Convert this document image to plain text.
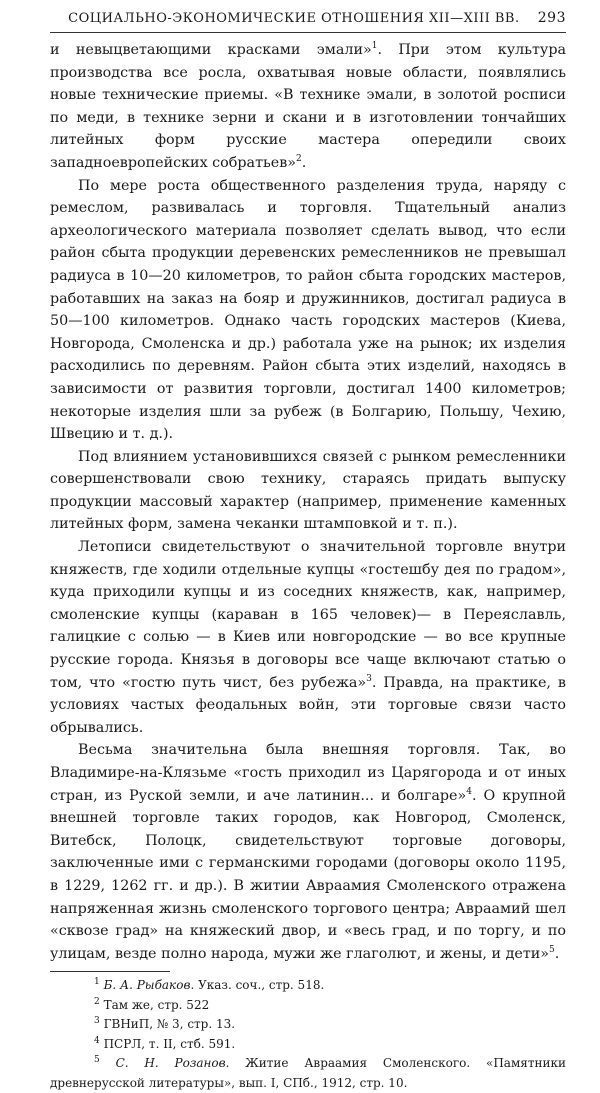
СОЦИАЛЬНО-ЭКОНОМИЧЕСКИЕ ОТНОШЕНИЯ XII—XIII ВВ.	293

и невыцветающими красками эмали»$^1$. При этом культура производства все росла, охватывая новые области, появлялись новые технические приемы. «В технике эмали, в золотой росписи по меди, в технике зерни и скани и в изготовлении тончайших литейных форм русские мастера опередили своих западноевропейских собратьев»$^2$.

По мере роста общественного разделения труда, наряду с ремеслом, развивалась и торговля. Тщательный анализ археологического материала позволяет сделать вывод, что если район сбыта продукции деревенских ремесленников не превышал радиуса в 10—20 километров, то район сбыта городских мастеров, работавших на заказ на бояр и дружинников, достигал радиуса в 50—100 километров. Однако часть городских мастеров (Киева, Новгорода, Смоленска и др.) работала уже на рынок; их изделия расходились по деревням. Район сбыта этих изделий, находясь в зависимости от развития торговли, достигал 1400 километров; некоторые изделия шли за рубеж (в Болгарию, Польшу, Чехию, Швецию и т. д.).

Под влиянием установившихся связей с рынком ремесленники совершенствовали свою технику, стараясь придать выпуску продукции массовый характер (например, применение каменных литейных форм, замена чеканки штамповкой и т. п.).

Летописи свидетельствуют о значительной торговле внутри княжеств, где ходили отдельные купцы «гостешбу дея по градом», куда приходили купцы и из соседних княжеств, как, например, смоленские купцы (караван в 165 человек)— в Переяславль, галицкие с солью — в Киев или новгородские — во все крупные русские города. Князья в договоры все чаще включают статью о том, что «гостю путь чист, без рубежа»$^3$. Правда, на практике, в условиях частых феодальных войн, эти торговые связи часто обрывались.

Весьма значительна была внешняя торговля. Так, во Владимире-на-Клязьме «гость приходил из Царягорода и от иных стран, из Руской земли, и аче латинин... и болгаре»$^4$. О крупной внешней торговле таких городов, как Новгород, Смоленск, Витебск, Полоцк, свидетельствуют торговые договоры, заключенные ими с германскими городами (договоры около 1195, в 1229, 1262 гг. и др.). В житии Авраамия Смоленского отражена напряженная жизнь смоленского торгового центра; Авраамий шел «сквозе град» на княжеский двор, и «весь град, и по торгу, и по улицам, везде полно народа, мужи же глаголют, и жены, и дети»$^5$.

$^1$ Б. А. Рыбаков. Указ. соч., стр. 518.

$^2$ Там же, стр. 522

$^3$ ГВНиП, № 3, стр. 13.

$^4$ ПСРЛ, т. II, стб. 591.

$^5$ С. Н. Розанов. Житие Авраамия Смоленского. «Памятники древнерусской литературы», вып. I, СПб., 1912, стр. 10.
